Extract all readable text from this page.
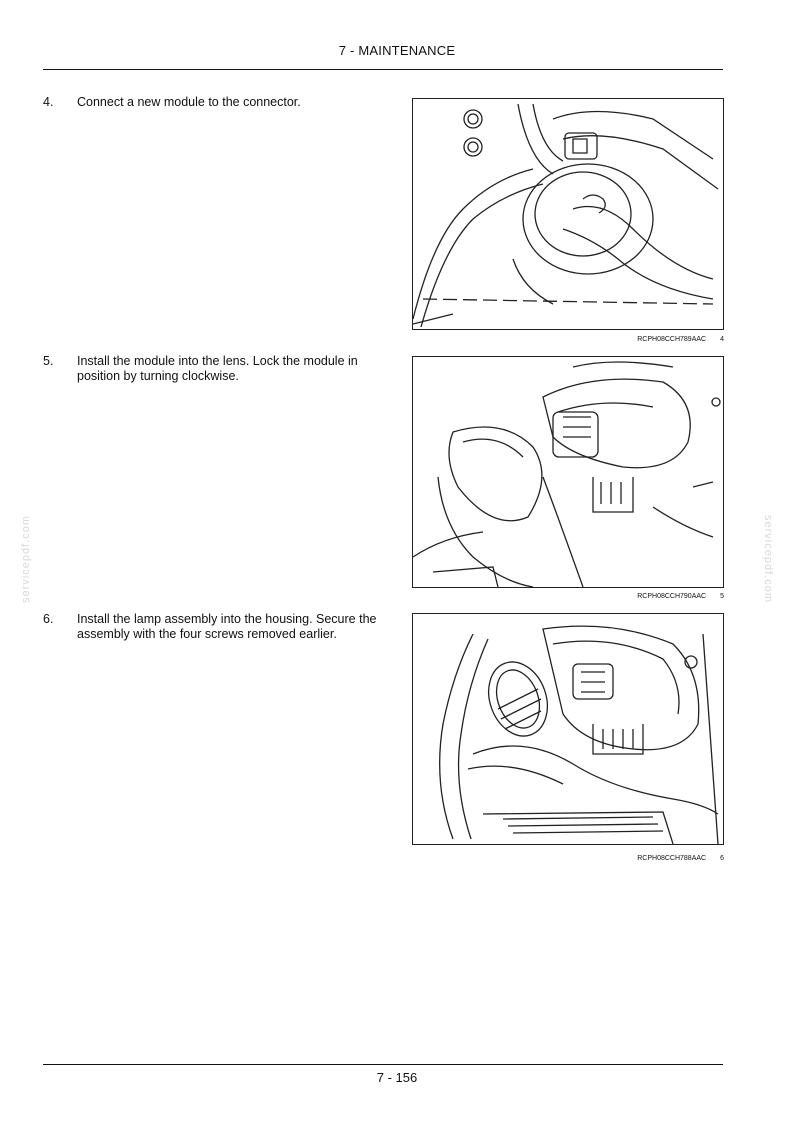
7 - MAINTENANCE
4. Connect a new module to the connector.
RCPH08CCH789AAC 4
5. Install the module into the lens. Lock the module in position by turning clockwise.
RCPH08CCH790AAC 5
6. Install the lamp assembly into the housing. Secure the assembly with the four screws removed earlier.
RCPH08CCH788AAC 6
servicepdf.com	servicepdf.com
7 - 156
